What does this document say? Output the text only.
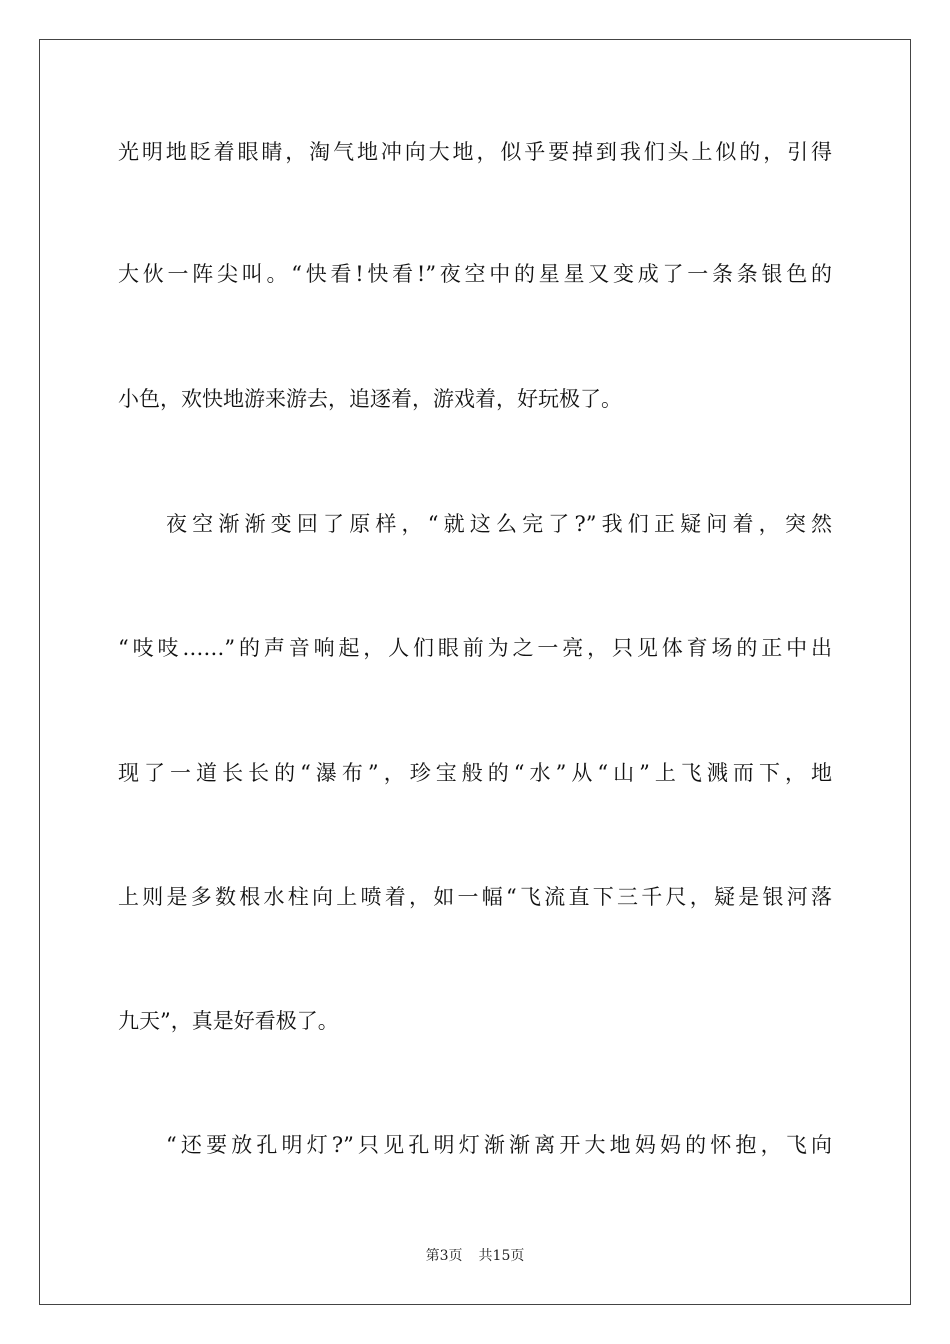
光明地眨着眼睛，淘气地冲向大地，似乎要掉到我们头上似的，引得
大伙一阵尖叫。“快看!快看!”夜空中的星星又变成了一条条银色的
小色，欢快地游来游去，追逐着，游戏着，好玩极了。
夜空渐渐变回了原样，“就这么完了?”我们正疑问着，突然
“吱吱……”的声音响起，人们眼前为之一亮，只见体育场的正中出
现了一道长长的“瀑布”，珍宝般的“水”从“山”上飞溅而下，地
上则是多数根水柱向上喷着，如一幅“飞流直下三千尺，疑是银河落
九天”，真是好看极了。
“还要放孔明灯?”只见孔明灯渐渐离开大地妈妈的怀抱，飞向
第3页 共15页
